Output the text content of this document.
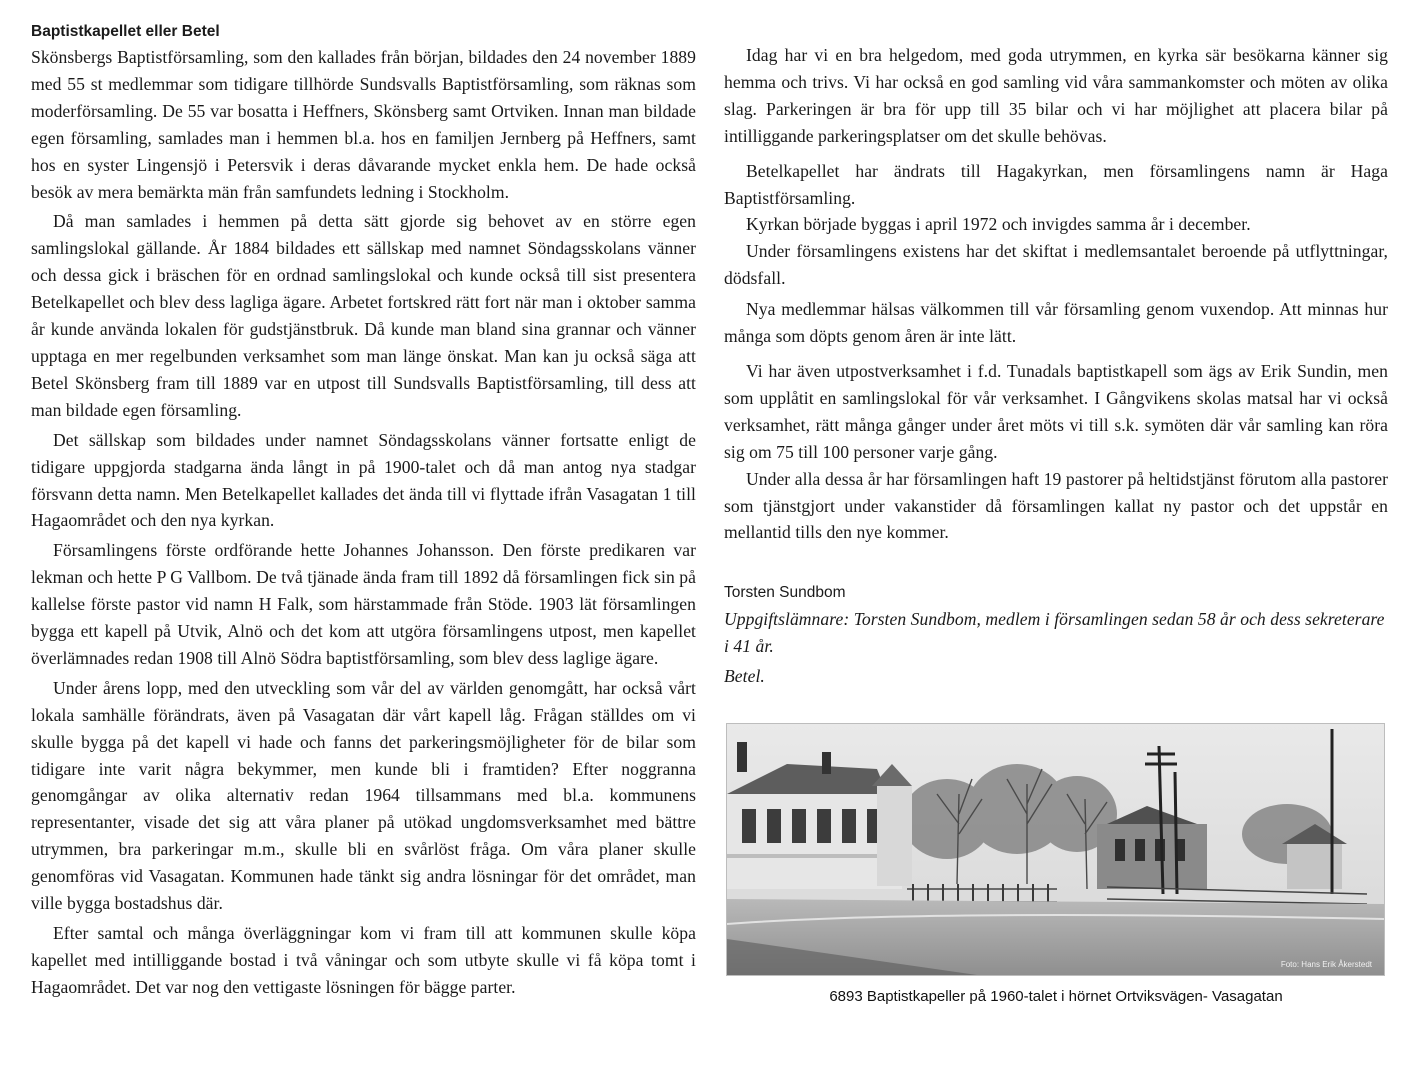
Baptistkapellet eller Betel

Skönsbergs Baptistförsamling, som den kallades från början, bildades den 24 november 1889 med 55 st medlemmar som tidigare tillhörde Sundsvalls Baptistförsamling, som räknas som moderförsamling. De 55 var bosatta i Heffners, Skönsberg samt Ortviken. Innan man bildade egen församling, samlades man i hemmen bl.a. hos en familjen Jernberg på Heffners, samt hos en syster Lingensjö i Petersvik i deras dåvarande mycket enkla hem. De hade också besök av mera bemärkta män från samfundets ledning i Stockholm.

Då man samlades i hemmen på detta sätt gjorde sig behovet av en större egen samlingslokal gällande. År 1884 bildades ett sällskap med namnet Söndagsskolans vänner och dessa gick i bräschen för en ordnad samlingslokal och kunde också till sist presentera Betelkapellet och blev dess lagliga ägare. Arbetet fortskred rätt fort när man i oktober samma år kunde använda lokalen för gudstjänstbruk. Då kunde man bland sina grannar och vänner upptaga en mer regelbunden verksamhet som man länge önskat. Man kan ju också säga att Betel Skönsberg fram till 1889 var en utpost till Sundsvalls Baptistförsamling, till dess att man bildade egen församling.

Det sällskap som bildades under namnet Söndagsskolans vänner fortsatte enligt de tidigare uppgjorda stadgarna ända långt in på 1900-talet och då man antog nya stadgar försvann detta namn. Men Betelkapellet kallades det ända till vi flyttade ifrån Vasagatan 1 till Hagaområdet och den nya kyrkan.

Församlingens förste ordförande hette Johannes Johansson. Den förste predikaren var lekman och hette P G Vallbom. De två tjänade ända fram till 1892 då församlingen fick sin på kallelse förste pastor vid namn H Falk, som härstammade från Stöde. 1903 lät församlingen bygga ett kapell på Utvik, Alnö och det kom att utgöra församlingens utpost, men kapellet överlämnades redan 1908 till Alnö Södra baptistförsamling, som blev dess laglige ägare.

Under årens lopp, med den utveckling som vår del av världen genomgått, har också vårt lokala samhälle förändrats, även på Vasagatan där vårt kapell låg. Frågan ställdes om vi skulle bygga på det kapell vi hade och fanns det parkeringsmöjligheter för de bilar som tidigare inte varit några bekymmer, men kunde bli i framtiden? Efter noggranna genomgångar av olika alternativ redan 1964 tillsammans med bl.a. kommunens representanter, visade det sig att våra planer på utökad ungdomsverksamhet med bättre utrymmen, bra parkeringar m.m., skulle bli en svårlöst fråga. Om våra planer skulle genomföras vid Vasagatan. Kommunen hade tänkt sig andra lösningar för det området, man ville bygga bostadshus där.

Efter samtal och många överläggningar kom vi fram till att kommunen skulle köpa kapellet med intilliggande bostad i två våningar och som utbyte skulle vi få köpa tomt i Hagaområdet. Det var nog den vettigaste lösningen för bägge parter.

Idag har vi en bra helgedom, med goda utrymmen, en kyrka sär besökarna känner sig hemma och trivs. Vi har också en god samling vid våra sammankomster och möten av olika slag. Parkeringen är bra för upp till 35 bilar och vi har möjlighet att placera bilar på intilliggande parkeringsplatser om det skulle behövas.

Betelkapellet har ändrats till Hagakyrkan, men församlingens namn är Haga Baptistförsamling.

Kyrkan började byggas i april 1972 och invigdes samma år i december.

Under församlingens existens har det skiftat i medlemsantalet beroende på utflyttningar, dödsfall.

Nya medlemmar hälsas välkommen till vår församling genom vuxendop. Att minnas hur många som döpts genom åren är inte lätt.

Vi har även utpostverksamhet i f.d. Tunadals baptistkapell som ägs av Erik Sundin, men som upplåtit en samlingslokal för vår verksamhet. I Gångvikens skolas matsal har vi också verksamhet, rätt många gånger under året möts vi till s.k. symöten där vår samling kan röra sig om 75 till 100 personer varje gång.

Under alla dessa år har församlingen haft 19 pastorer på heltidstjänst förutom alla pastorer som tjänstgjort under vakanstider då församlingen kallat ny pastor och det uppstår en mellantid tills den nye kommer.

Torsten Sundbom

Uppgiftslämnare: Torsten Sundbom, medlem i församlingen sedan 58 år och dess sekreterare i 41 år.

Betel.

Foto: Hans Erik Åkerstedt
6893 Baptistkapeller på 1960-talet i hörnet Ortviksvägen- Vasagatan
